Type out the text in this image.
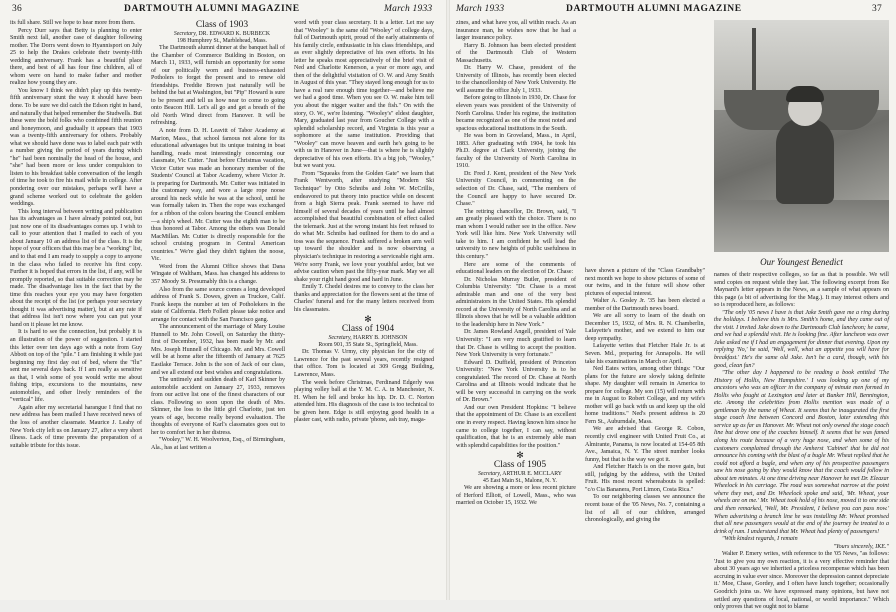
36	DARTMOUTH ALUMNI MAGAZINE	March 1933

its full share. Still we hope to hear more from them.

Percy Durr says that Betty is planning to enter Smith next fall, another case of daughter following mother. The Dorrs went down to Hyannisport on July 25 to help the Drakes celebrate their twenty-fifth wedding anniversary. Frank has a beautiful place there, and best of all has four fine children, all of whom were on hand to make father and mother realize how young they are.

You know I think we didn't play up this twenty-fifth anniversary stunt the way it should have been done. To be sure we did catch the Edson right in hand, and naturally that helped remember the Studwells. But these were the bold folks who combined fifth reunion and honeymoon, and gradually it appears that 1903 was a twenty-fifth anniversary for others. Probably what we should have done was to label each pair with a number giving the period of years during which "he" had been nominally the head of the house, and "she" had been more or less under compulsion to listen to his breakfast table conversation of the length of time he took to fire his mail while in college. After pondering over our mistakes, perhaps we'll have a grand scheme worked out to celebrate the golden weddings.

This long interval between writing and publication has its advantages as I have already pointed out, but just now one of its disadvantages comes up. I wish to call to your attention that I mailed to each of you about January 10 an address list of the class. It is the hope of your officers that this may be a "working" list, and to that end I am ready to supply a copy to anyone in the class who failed to receive his first copy. Further it is hoped that errors in the list, if any, will be promptly reported, so that suitable correction may be made. The disadvantage lies in the fact that by the time this reaches your eye you may have forgotten about the receipt of the list (or perhaps your secretary thought it was advertising matter), but at any rate if that address list isn't now where you can put your hand on it please let me know.

It is hard to see the connection, but probably it is an illustration of the power of suggestion. I started this letter over ten days ago with a note from Guy Abbott on top of the "pile." I am finishing it while just beginning my first day out of bed, where the "flu" sent me several days back. If I am really as sensitive as that, I wish some of you would write me about fishing trips, excursions to the mountains, new automobiles, and other lively reminders of the "vertical" life.

Again after my secretarial harangue I find that no new address has been mailed I have received news of the loss of another classmate. Maurice J. Leahy of New York city left us on January 27, after a very short illness. Lack of time prevents the preparation of a suitable tribute for this issue.

Class of 1903

Secretary, DR. EDWARD K. BURBECK

198 Humphrey St., Marblehead, Mass.

The Dartmouth alumni dinner at the banquet hall of the Chamber of Commerce Building in Boston, on March 11, 1933, will furnish an opportunity for some of our politically worn and business-exhausted Potholers to forget the present and to renew old friendships. Freddie Brown just naturally will be behind the bat at Washington, but "Pip" Howard is sure to be present and tell us how near to come to going onto Beacon Hill. Let's all go and get a breath of the old North Wind direct from Hanover. It will be refreshing.

A note from D. H. Leavitt of Tabor Academy at Marion, Mass., that school famous not alone for its educational advantages but its unique training in boat handling, reads most interestingly concerning our classmate, Vic Cutter. "Just before Christmas vacation, Victor Cutter was made an honorary member of the Students' Council at Tabor Academy, where Victor Jr. is preparing for Dartmouth. Mr. Cutter was initiated in the customary way, and wore a large rope noose around his neck while he was at the school, until he was formally taken in. Then the rope was exchanged for a ribbon of the colors bearing the Council emblem—a ship's wheel. Mr. Cutter was the eighth man to be thus honored at Tabor. Among the others was Donald MacMillan. Mr. Cutter is directly responsible for the school cruising program in Central American countries." We're glad they didn't tighten the noose, Vic.

Word from the Alumni Office shows that Dana Wingate of Waltham, Mass. has changed his address to 357 Moody St. Presumably this is a change.

Also from the same source comes a long developed address of Frank S. Dowes, given as Truckee, Calif. Frank keeps the number at ten of Potholekers in the state of California. Herb Follett please take notice and arrange for contact with the San Francisco gang.

The announcement of the marriage of Mary Louise Hunnell to Mr. John Cowell, on Saturday the thirty-first of December, 1932, has been made by Mr. and Mrs. Joseph Hunnell of Chicago. Mr. and Mrs. Cowell will be at home after the fifteenth of January at 7625 Eastlake Terrace. John is the son of Jack of our class, and we all extend our best wishes and congratulations.

The untimely and sudden death of Karl Skinner by automobile accident on January 27, 1933, removes from our active list one of the finest characters of our class. Following so soon upon the death of Mrs. Skinner, the loss to the little girl Charlotte, just ten years of age, become really beyond evaluation. The thoughts of everyone of Karl's classmates goes out to her to comfort her in her distress.

"Wooley," W. H. Woolverton, Esq., of Birmingham, Ala., has at last written a

word with your class secretary. It is a letter. Let me say that "Wooley" is the same old "Wooley" of college days, full of Dartmouth spirit, proud of the early attainments of his family circle, enthusiastic in his class friendships, and as ever slightly depreciative of his own efforts. In his letter he speaks most appreciatively of the brief visit of Ned and Charlotte Kenerson, a year or more ago, and then of the delightful visitation of O. W. and Amy Smith in August of this year. "They stayed long enough for us to have a real rare enough time together—and believe me we had a good time. When you see O. W. make him tell you about the nigger waiter and the fish." On with the story, O. W., we're listening. "Wooley's" eldest daughter, Mary, graduated last year from Goucher College with a splendid scholarship record, and Virginia is this year a sophomore at the same institution. Providing that "Wooley" can move heaven and earth he's going to be with us in Hanover in June—that is where he is slightly depreciative of his own efforts. It's a big job, "Wooley," but we want you.

From "Squeaks from the Golden Gate" we learn that Frank Wentworth, after studying "Modern Ski Technique" by Otto Schnibs and John W. McCrillis, endeavored to put theory into practice while on descent from a high Sierra peak. Frank seemed to have rid himself of several decades of years until he had almost accomplished that beautiful combination of effect called the telemark. Just at the wrong instant his feet refused to do what Mr. Schnibs had outlined for them to do and a toss was the sequence. Frank suffered a broken arm well up toward the shoulder and is now observing a physician's technique in restoring a serviceable right arm. We're sorry Frank, we love your youthful ardor, but we advise caution when past the fifty-year mark. May we all shake your right hand good and hard in June.

Emily T. Chedel desires me to convey to the class her thanks and appreciation for the flowers sent at the time of Charles' funeral and for the many letters received from his classmates.

✻

Class of 1904

Secretary, HARRY B. JOHNSON

Room 901, 35 State St., Springfield, Mass.

Dr. Thomas V. Urmy, city physician for the city of Lawrence for the past several years, recently resigned that office. Tom is located at 309 Gregg Building, Lawrence, Mass.

The week before Christmas, Ferdinand Edgerly was playing volley ball at the Y. M. C. A. in Manchester, N. H. When he fell and broke his hip. Dr. D. C. Norton attended him. His diagnosis of the case is too technical to be given here. Edge is still enjoying good health in a plaster cast, with radio, private 'phone, ash tray, maga-

March 1933	DARTMOUTH ALUMNI MAGAZINE	37

zines, and what have you, all within reach. As an insurance man, he wishes now that he had a larger insurance policy.

Harry B. Johnson has been elected president of the Dartmouth Club of Western Massachusetts.

Dr. Harry W. Chase, president of the University of Illinois, has recently been elected to the chancellorship of New York University. He will assume the office July 1, 1933.

Before going to Illinois in 1930, Dr. Chase for eleven years was president of the University of North Carolina. Under his regime, the institution became recognized as one of the most noted and spacious educational institutions in the South.

He was born in Groveland, Mass., in April, 1883. After graduating with 1904, he took his Ph.D. degree at Clark University, joining the faculty of the University of North Carolina in 1910.

Dr. Fred J. Kent, president of the New York University Council, in commenting on the selection of Dr. Chase, said, "The members of the Council are happy to have secured Dr. Chase."

The retiring chancellor, Dr. Brown, said, "I am greatly pleased with the choice. There is no man whom I would rather see in the office. New York will like him. New York University will take to him. I am confident he will lead the university to new heights of public usefulness in this century."

Here are some of the comments of educational leaders on the election of Dr. Chase:

Dr. Nicholas Murray Butler, president of Columbia University: "Dr. Chase is a most admirable man and one of the very best administrators in the United States. His splendid record at the University of North Carolina and at Illinois shows that he will be a valuable addition to the leadership here in New York."

Dr. James Rowland Angell, president of Yale University: "I am very much gratified to learn that Dr. Chase is willing to accept the position. New York University is very fortunate."

Edward D. Duffield, president of Princeton University: "New York University is to be congratulated. The record of Dr. Chase at North Carolina and at Illinois would indicate that he will be very successful in carrying on the work of Dr. Brown."

And our own President Hopkins: "I believe that the appointment of Dr. Chase is an excellent one in every respect. Having known him since he came to college together, I can say, without qualification, that he is an extremely able man with splendid capabilities for the position."

✻

Class of 1905

Secretary, ARTHUR E. MCCLARY

45 East Main St., Malone, N. Y.

We are showing a more or less recent picture of Herford Elliott, of Lowell, Mass., who was married on October 15, 1932. We

have shown a picture of the "Class Grandbaby" next month we hope to show pictures of some of our twins, and in the future will show other pictures of especial interest.

Walter A. Gosley Jr. '35 has been elected a member of the Dartmouth news board.

We are all sorry to learn of the death on December 15, 1932, of Mrs. R. N. Chamberlin, Lafayette's mother, and we extend to him our deep sympathy.

Lafayette writes that Fletcher Hale Jr. is at Seven. Md., preparing for Annapolis. He will take his examinations in March or April.

Ned Eates writes, among other things: "Our plans for the future are slowly taking definite shape. My daughter will remain in America to prepare for college. My son (15) will return with me in August to Robert College, and my wife's mother will go back with us and keep up the old home traditions." Ned's present address is 20 Fern St., Auburndale, Mass.

We are advised that George R. Cobon, recently civil engineer with United Fruit Co., at Almirante, Panama, is now located at 154-05 8th Ave., Jamaica, N. Y. The street number looks funny, but that is the way we got it.

And Fletcher Hatch is on the move gain, but still, judging by the address, with the United Fruit. His most recent whereabouts is spelled: "c/o Cia Bananera, Port Limon, Costa Rica."

To our neighboring classes we announce the recent issue of the '05 News, No. 7, containing a list of all of our children, arranged chronologically, and giving the

Our Youngest Benedict

names of their respective colleges, so far as that is possible. We will send copies on request while they last. The following excerpt from Ike Maynard's letter appears in the News, as a sample of what appears on this page (a bit of advertising for the Mag.). It may interest others and so is reproduced here, as follows:

"The only '05 news I have is that Jake Smith gave me a ring during the holidays. I believe this is Mrs. Smith's home, and they came out of the visit. I invited Jake down to the Dartmouth Club luncheon; he came, and we had a splendid visit. He is looking fine. After luncheon was over Jake asked me if I had an engagement for dinner that evening. Upon my replying 'No,' he said, 'Well, well, what an appetite you will have for breakfast.' He's the same old Jake. Isn't he a card, though, with his good, clean fun?

"The other day I happened to be reading a book entitled 'The History of Hollis, New Hampshire.' I was looking up one of my ancestors who was an officer in the company of minute men formed in Hollis who fought at Lexington and later at Bunker Hill, Bennington, etc. Among the celebrities from Hollis mention was made of a gentleman by the name of Wheat. It seems that he inaugurated the first stage coach line between Concord and Boston, later extending this service up as far as Hanover. Mr. Wheat not only owned the stage coach line but drove one of the coaches himself. It seems that he was famed along his route because of a very huge nose, and when some of his customers complained through the Amherst 'Cabinet' that he did not announce his coming with the blast of a bugle Mr. Wheat replied that he could not afford a bugle, and when any of his prospective passengers saw his nose going by they would know that the coach would follow in about ten minutes. At one time driving near Hanover he met Dr. Eleazar Wheelock in his carriage. The road was somewhat narrow at the point where they met, and Dr. Wheelock spoke and said, 'Mr. Wheat, your wheels are on me.' Mr. Wheat took hold of his nose, moved it to one side and then remarked, 'Well, Mr. President, I believe you can pass now.' When advertising a branch line he was installing Mr. Wheat promised that all new passengers would at the end of the journey be treated to a drink of rum. I understand that Mr. Wheat had plenty of passengers!

"With kindest regards, I remain

"Yours sincerely, IKE."

Walter P. Emery writes, with reference to the '05 News, "as follows: 'Just to give you my own reaction, it is a very effective reminder that about 30 years ago we inherited a priceless recompense which has been accruing in value ever since. Moreover the depression cannot depreciate it.' Moe, Chase, Gordey, and I often have lunch together; occasionally Goodrich joins us. We have expressed many opinions, but have not settled any questions of local, national, or world importance." Which only proves that we ought not to blame
